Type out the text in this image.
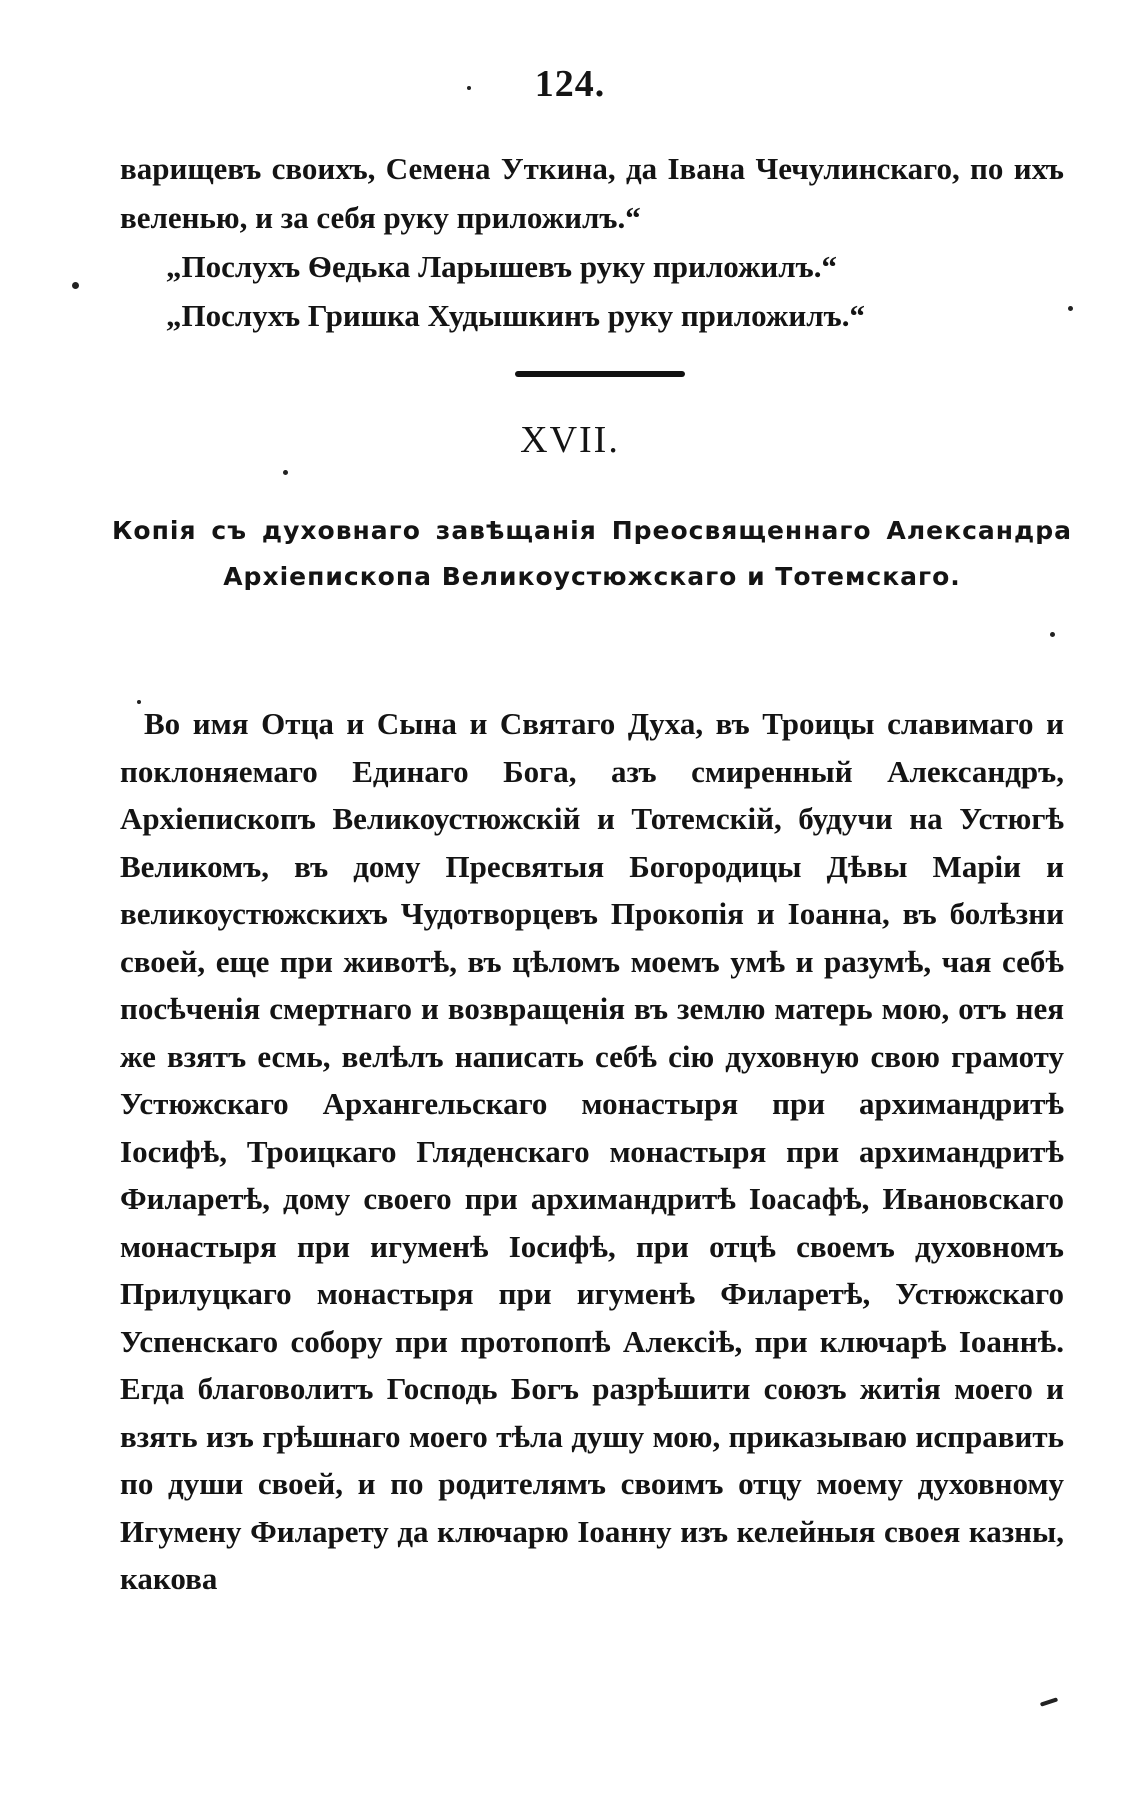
124.

варищевъ своихъ, Семена Уткина, да Івана Чечулинскаго, по ихъ веленью, и за себя руку приложилъ.“

„Послухъ Ѳедька Ларышевъ руку приложилъ.“

„Послухъ Гришка Худышкинъ руку приложилъ.“

XVII.
Копія съ духовнаго завѣщанія Преосвященнаго Александра Архіепископа Великоустюжскаго и Тотемскаго.

Во имя Отца и Сына и Святаго Духа, въ Троицы славимаго и поклоняемаго Единаго Бога, азъ смиренный Александръ, Архіепископъ Великоустюжскій и Тотемскій, будучи на Устюгѣ Великомъ, въ дому Пресвятыя Богородицы Дѣвы Маріи и великоустюжскихъ Чудотворцевъ Прокопія и Іоанна, въ болѣзни своей, еще при животѣ, въ цѣломъ моемъ умѣ и разумѣ, чая себѣ посѣченія смертнаго и возвращенія въ землю матерь мою, отъ нея же взятъ есмь, велѣлъ написать себѣ сію духовную свою грамоту Устюжскаго Архангельскаго монастыря при архимандритѣ Іосифѣ, Троицкаго Гляденскаго монастыря при архимандритѣ Филаретѣ, дому своего при архимандритѣ Іоасафѣ, Ивановскаго монастыря при игуменѣ Іосифѣ, при отцѣ своемъ духовномъ Прилуцкаго монастыря при игуменѣ Филаретѣ, Устюжскаго Успенскаго собору при протопопѣ Алексіѣ, при ключарѣ Іоаннѣ. Егда благоволитъ Господь Богъ разрѣшити союзъ житія моего и взять изъ грѣшнаго моего тѣла душу мою, приказываю исправить по души своей, и по родителямъ своимъ отцу моему духовному Игумену Филарету да ключарю Іоанну изъ келейныя своея казны, какова
